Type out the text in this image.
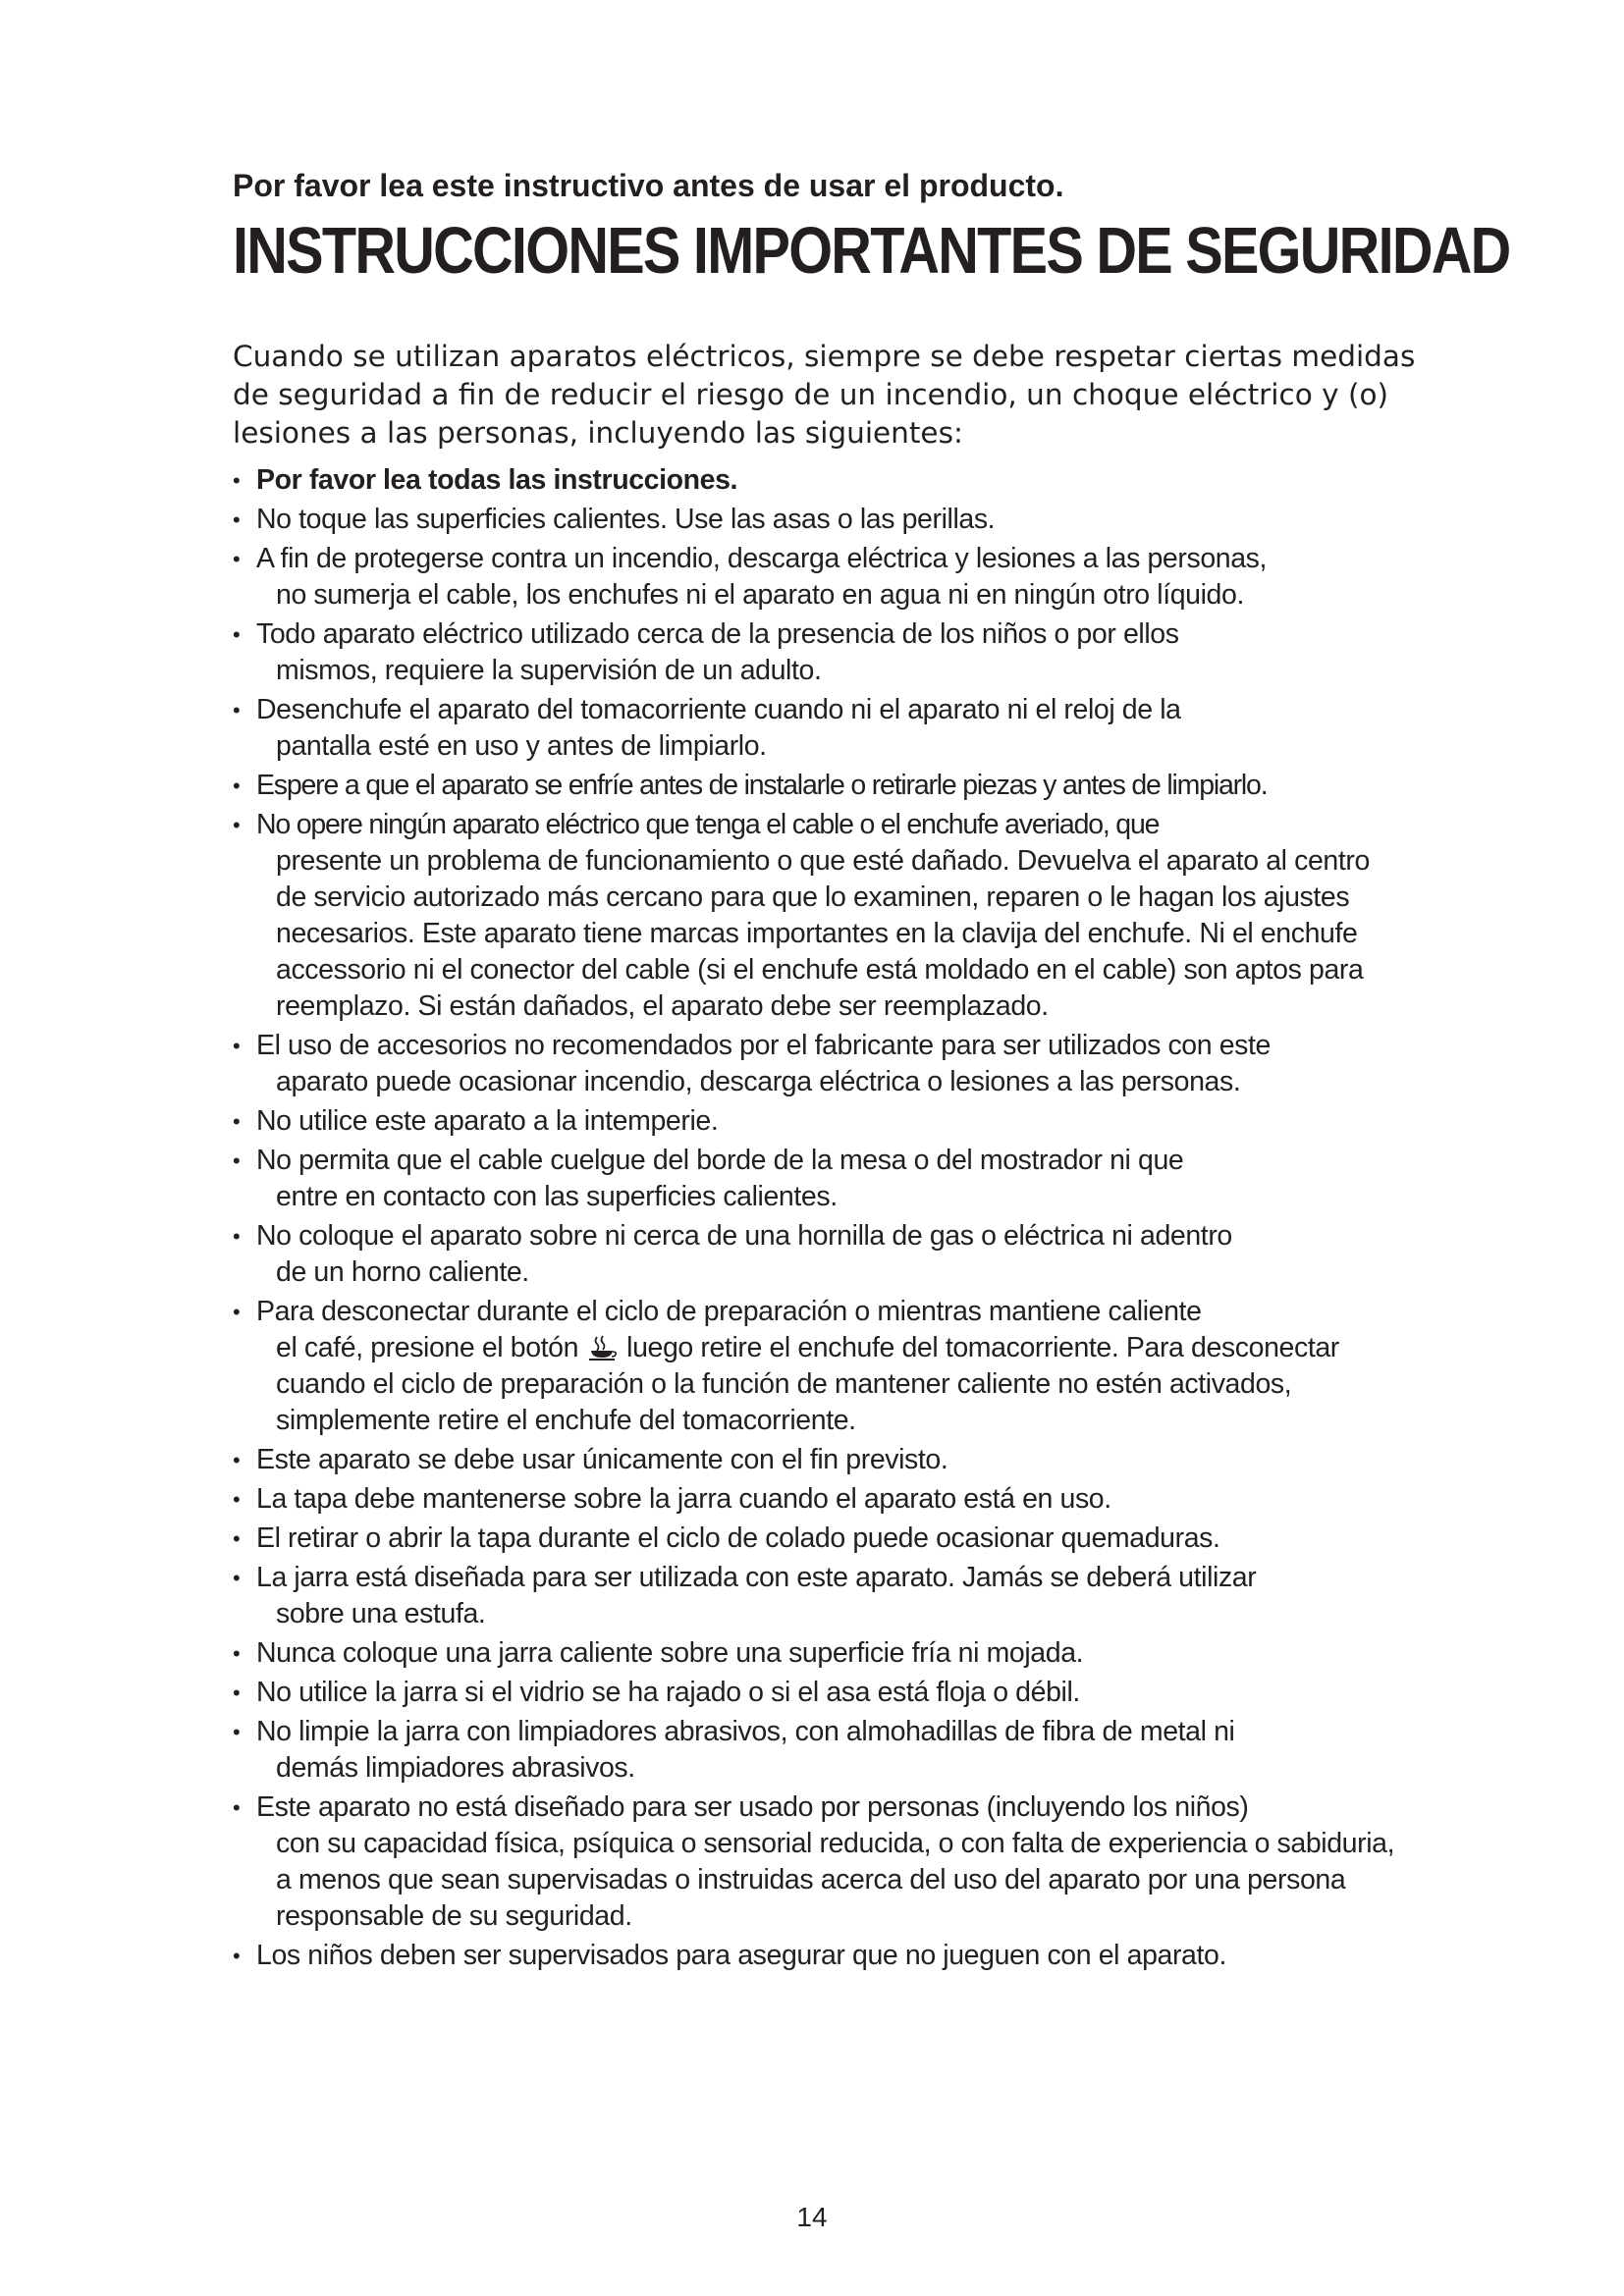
Por favor lea este instructivo antes de usar el producto.

INSTRUCCIONES IMPORTANTES DE SEGURIDAD

Cuando se utilizan aparatos eléctricos, siempre se debe respetar ciertas medidas de seguridad a fin de reducir el riesgo de un incendio, un choque eléctrico y (o) lesiones a las personas, incluyendo las siguientes:

• Por favor lea todas las instrucciones.
• No toque las superficies calientes. Use las asas o las perillas.
• A fin de protegerse contra un incendio, descarga eléctrica y lesiones a las personas,
no sumerja el cable, los enchufes ni el aparato en agua ni en ningún otro líquido.
• Todo aparato eléctrico utilizado cerca de la presencia de los niños o por ellos
mismos, requiere la supervisión de un adulto.
• Desenchufe el aparato del tomacorriente cuando ni el aparato ni el reloj de la
pantalla esté en uso y antes de limpiarlo.
• Espere a que el aparato se enfríe antes de instalarle o retirarle piezas y antes de limpiarlo.
• No opere ningún aparato eléctrico que tenga el cable o el enchufe averiado, que
presente un problema de funcionamiento o que esté dañado. Devuelva el aparato al centro de servicio autorizado más cercano para que lo examinen, reparen o le hagan los ajustes necesarios. Este aparato tiene marcas importantes en la clavija del enchufe. Ni el enchufe accessorio ni el conector del cable (si el enchufe está moldado en el cable) son aptos para reemplazo. Si están dañados, el aparato debe ser reemplazado.
• El uso de accesorios no recomendados por el fabricante para ser utilizados con este
aparato puede ocasionar incendio, descarga eléctrica o lesiones a las personas.
• No utilice este aparato a la intemperie.
• No permita que el cable cuelgue del borde de la mesa o del mostrador ni que
entre en contacto con las superficies calientes.
• No coloque el aparato sobre ni cerca de una hornilla de gas o eléctrica ni adentro
de un horno caliente.
• Para desconectar durante el ciclo de preparación o mientras mantiene caliente
el café, presione el botón luego retire el enchufe del tomacorriente. Para desconectar cuando el ciclo de preparación o la función de mantener caliente no estén activados, simplemente retire el enchufe del tomacorriente.
• Este aparato se debe usar únicamente con el fin previsto.
• La tapa debe mantenerse sobre la jarra cuando el aparato está en uso.
• El retirar o abrir la tapa durante el ciclo de colado puede ocasionar quemaduras.
• La jarra está diseñada para ser utilizada con este aparato. Jamás se deberá utilizar
sobre una estufa.
• Nunca coloque una jarra caliente sobre una superficie fría ni mojada.
• No utilice la jarra si el vidrio se ha rajado o si el asa está floja o débil.
• No limpie la jarra con limpiadores abrasivos, con almohadillas de fibra de metal ni
demás limpiadores abrasivos.
• Este aparato no está diseñado para ser usado por personas (incluyendo los niños)
con su capacidad física, psíquica o sensorial reducida, o con falta de experiencia o sabiduria, a menos que sean supervisadas o instruidas acerca del uso del aparato por una persona responsable de su seguridad.
• Los niños deben ser supervisados para asegurar que no jueguen con el aparato.
14
